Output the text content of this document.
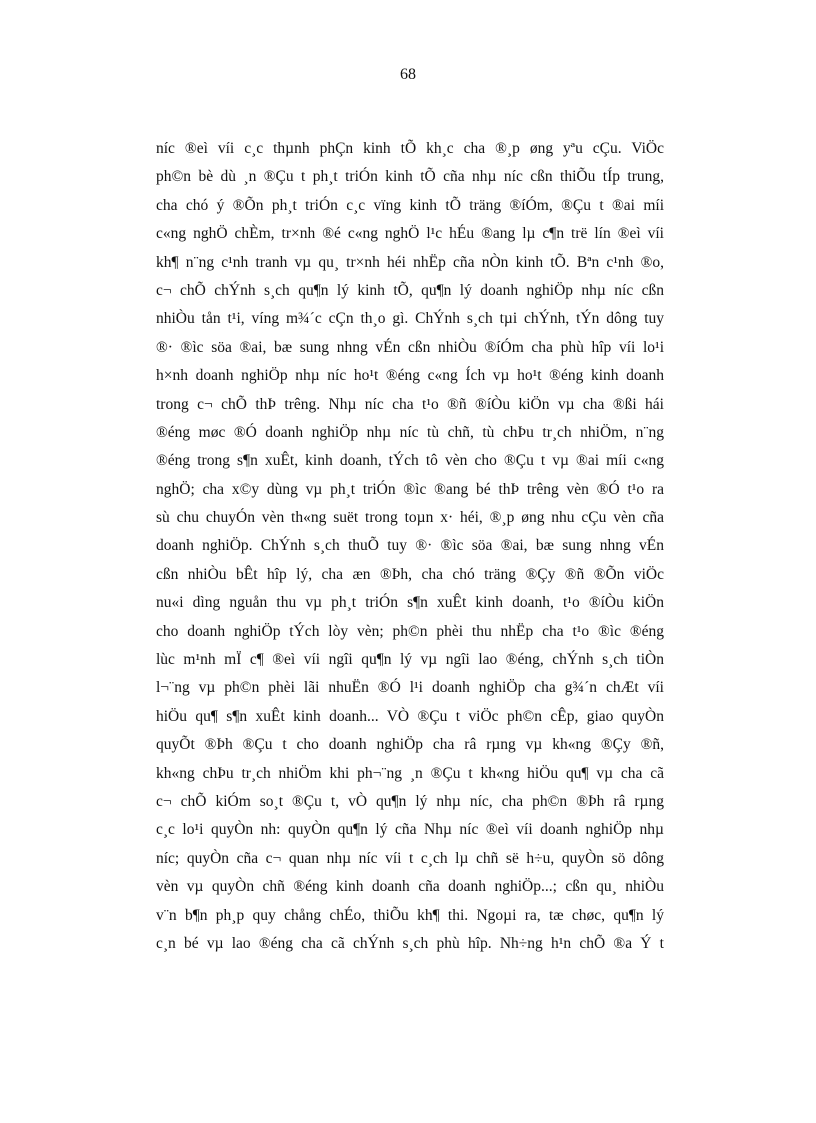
68
níc ®eì víi c¸c thµnh phÇn kinh tÕ kh¸c cha ®¸p øng yªu cÇu. ViÖc
ph©n bè dù ¸n ®Çu t ph¸t triÓn kinh tÕ cña nhµ níc cßn thiÕu tÍp trung,
cha chó ý ®Õn ph¸t triÓn c¸c vïng kinh tÕ träng ®íÓm, ®Çu t ®ai míi
c«ng nghÖ chÈm, tr×nh ®é c«ng nghÖ l¹c hÉu ®ang lµ c¶n trë lín ®eì víi
kh¶ n¨ng c¹nh tranh vµ qu¸ tr×nh héi nhËp cña nÒn kinh tÕ. Bªn c¹nh ®o,
c¬ chÕ chÝnh s¸ch qu¶n lý kinh tÕ, qu¶n lý doanh nghiÖp nhµ níc cßn
nhiÒu tån t¹i, víng m¾´c cÇn th¸o gì. ChÝnh s¸ch tµi chÝnh, tÝn dông tuy
®· ®ìc söa ®ai, bæ sung nhng vÉn cßn nhiÒu ®íÓm cha phù hîp víi lo¹i
h×nh doanh nghiÖp nhµ níc ho¹t ®éng c«ng Ích vµ ho¹t ®éng kinh doanh
trong c¬ chÕ thÞ trêng. Nhµ níc cha t¹o ®ñ ®íÒu kiÖn vµ cha ®ßi hái
®éng møc ®Ó doanh nghiÖp nhµ níc tù chñ, tù chÞu tr¸ch nhiÖm, n¨ng
®éng trong s¶n xuÊt, kinh doanh, tÝch tô vèn cho ®Çu t vµ ®ai míi c«ng
nghÖ; cha x©y dùng vµ ph¸t triÓn ®ìc ®ang bé thÞ trêng vèn ®Ó t¹o ra
sù chu chuyÓn vèn th«ng suët trong toµn x· héi, ®¸p øng nhu cÇu vèn cña
doanh nghiÖp. ChÝnh s¸ch thuÕ tuy ®· ®ìc söa ®ai, bæ sung nhng vÉn
cßn nhiÒu bÊt hîp lý, cha æn ®Þh, cha chó träng ®Çy ®ñ ®Õn viÖc
nu«i dìng nguån thu vµ ph¸t triÓn s¶n xuÊt kinh doanh, t¹o ®íÒu kiÖn
cho doanh nghiÖp tÝch lòy vèn; ph©n phèi thu nhËp cha t¹o ®ìc ®éng
lùc m¹nh mÏ c¶ ®eì víi ngîi qu¶n lý vµ ngîi lao ®éng, chÝnh s¸ch tiÒn
l¬¨ng vµ ph©n phèi lãi nhuËn ®Ó l¹i doanh nghiÖp cha g¾´n chÆt víi
hiÖu qu¶ s¶n xuÊt kinh doanh... VÒ ®Çu t viÖc ph©n cÊp, giao quyÒn
quyÕt ®Þh ®Çu t cho doanh nghiÖp cha râ rµng vµ kh«ng ®Çy ®ñ,
kh«ng chÞu tr¸ch nhiÖm khi ph¬¨ng ¸n ®Çu t kh«ng hiÖu qu¶ vµ cha cã
c¬ chÕ kiÓm so¸t ®Çu t, vÒ qu¶n lý nhµ níc, cha ph©n ®Þh râ rµng
c¸c lo¹i quyÒn nh: quyÒn qu¶n lý cña Nhµ níc ®eì víi doanh nghiÖp nhµ
níc; quyÒn cña c¬ quan nhµ níc víi t c¸ch lµ chñ së h÷u, quyÒn sö dông
vèn vµ quyÒn chñ ®éng kinh doanh cña doanh nghiÖp...; cßn qu¸ nhiÒu
v¨n b¶n ph¸p quy chång chÉo, thiÕu kh¶ thi. Ngoµi ra, tæ chøc, qu¶n lý
c¸n bé vµ lao ®éng cha cã chÝnh s¸ch phù hîp. Nh÷ng h¹n chÕ ®a Ý t
